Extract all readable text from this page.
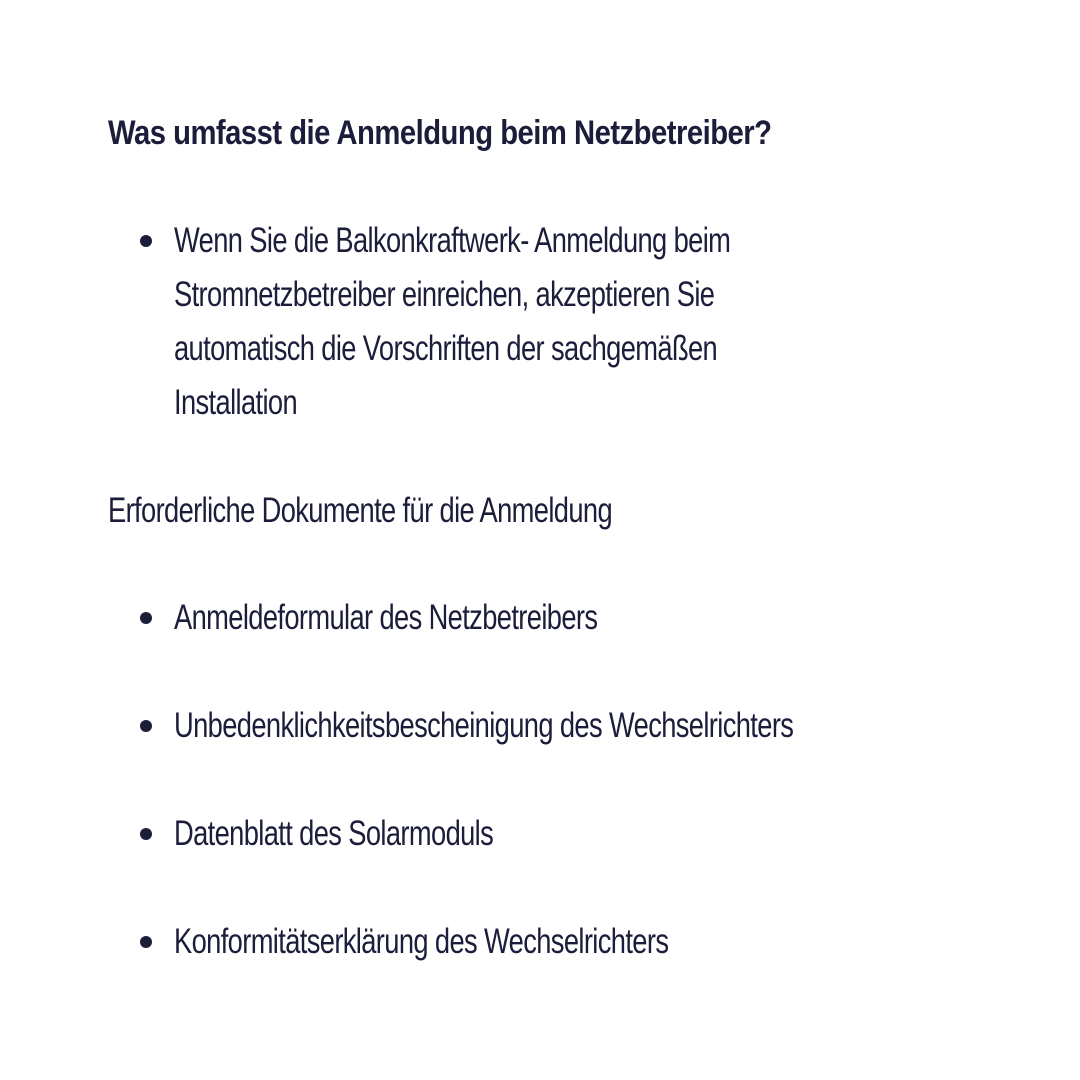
Was umfasst die Anmeldung beim Netzbetreiber?
Wenn Sie die Balkonkraftwerk- Anmeldung beim
Stromnetzbetreiber einreichen, akzeptieren Sie
automatisch die Vorschriften der sachgemäßen
Installation
Erforderliche Dokumente für die Anmeldung
Anmeldeformular des Netzbetreibers
Unbedenklichkeitsbescheinigung des Wechselrichters
Datenblatt des Solarmoduls
Konformitätserklärung des Wechselrichters
